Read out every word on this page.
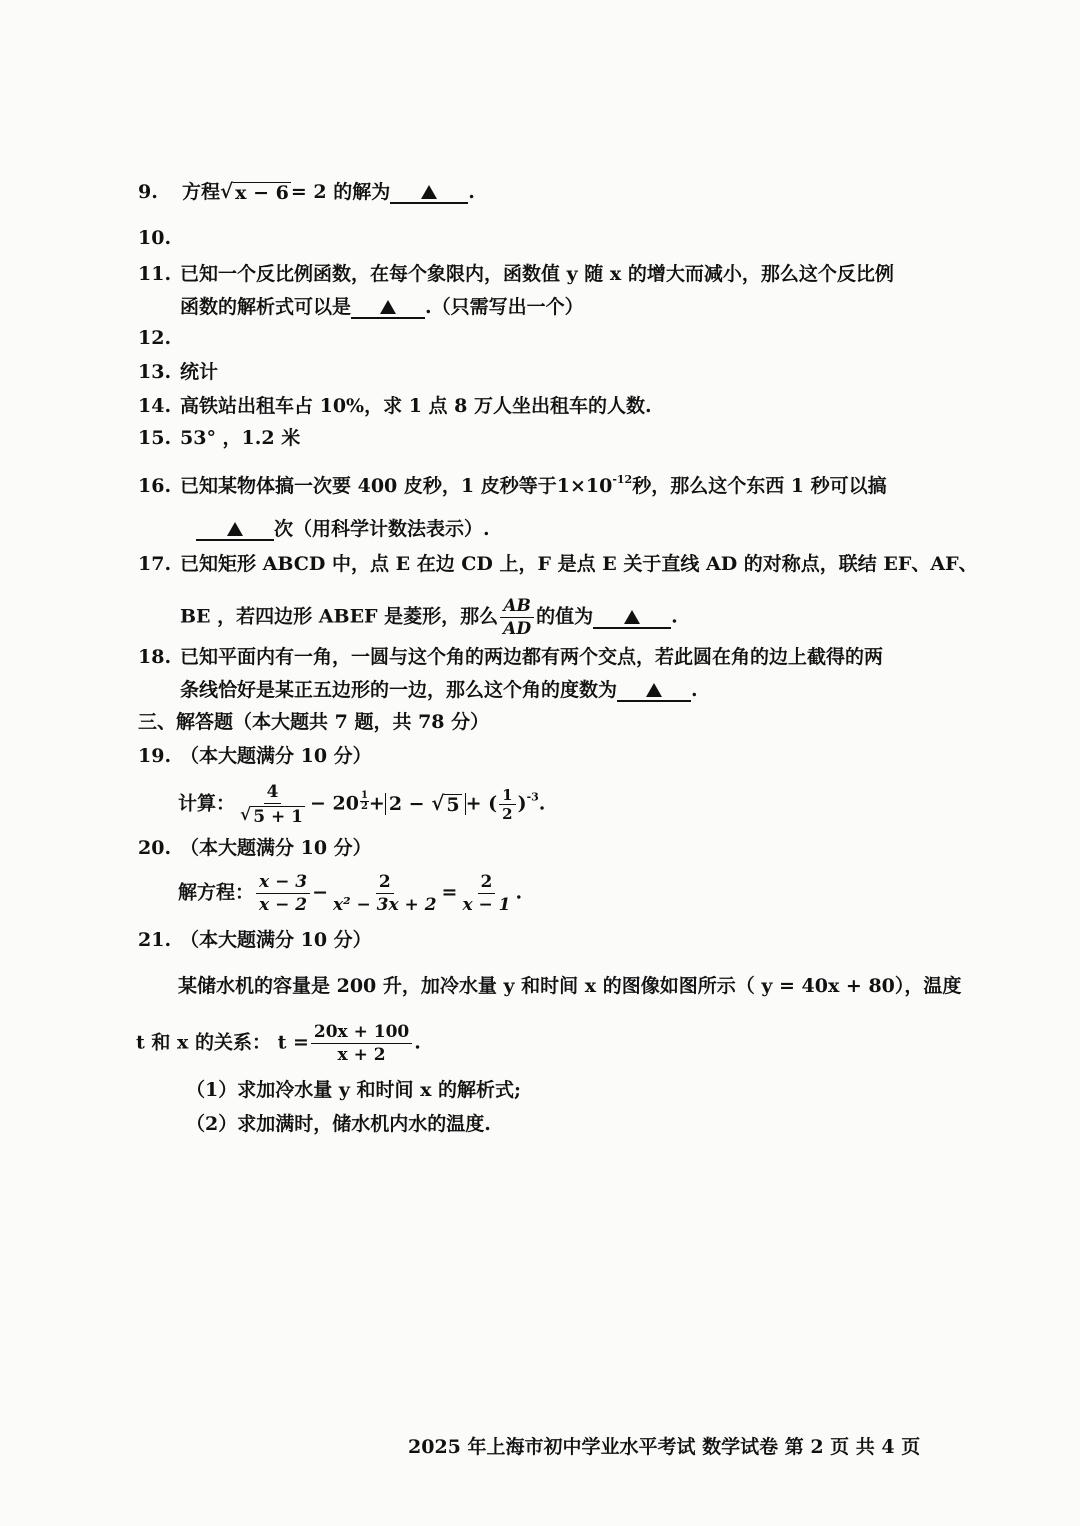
9. 方程 √ x − 6 = 2 的解为	.
10.
11. 已知一个反比例函数，在每个象限内，函数值 y 随 x 的增大而减小，那么这个反比例
函数的解析式可以是	.（只需写出一个）
12.
13. 统计
14. 高铁站出租车占 10%，求 1 点 8 万人坐出租车的人数.
15. 53° ，1.2 米
16. 已知某物体搞一次要 400 皮秒，1 皮秒等于$1\times 10^{-12}$秒，那么这个东西 1 秒可以搞
次（用科学计数法表示）.
17. 已知矩形 ABCD 中，点 E 在边 CD 上，F 是点 E 关于直线 AD 的对称点，联结 EF、AF、
BE ，若四边形 ABEF 是菱形，那么 $\frac{AB}{AD}$ 的值为	.
18. 已知平面内有一角，一圆与这个角的两边都有两个交点，若此圆在角的边上截得的两
条线恰好是某正五边形的一边，那么这个角的度数为	.
三、解答题（本大题共 7 题，共 78 分）
19. （本大题满分 10 分）
计算： $\frac{4}{√ 5 + 1} - 20 \frac{1}{2} + 2$ − √ 5 + ( $\frac{1}{2} )^{-3}$.
20. （本大题满分 10 分）
解方程： $\frac{x - 3}{x - 2} - \frac{2}{\text{x² − 3x + 2}} = \frac{2}{x - 1}$ .
21. （本大题满分 10 分）
某储水机的容量是 200 升，加冷水量 y 和时间 x 的图像如图所示（ y = 40x + 80），温度
t 和 x 的关系： $t = \frac{20x + 100}{x + 2}$ .
（1）求加冷水量 y 和时间 x 的解析式;
（2）求加满时，储水机内水的温度.
2025 年上海市初中学业水平考试 数学试卷 第 2 页 共 4 页
